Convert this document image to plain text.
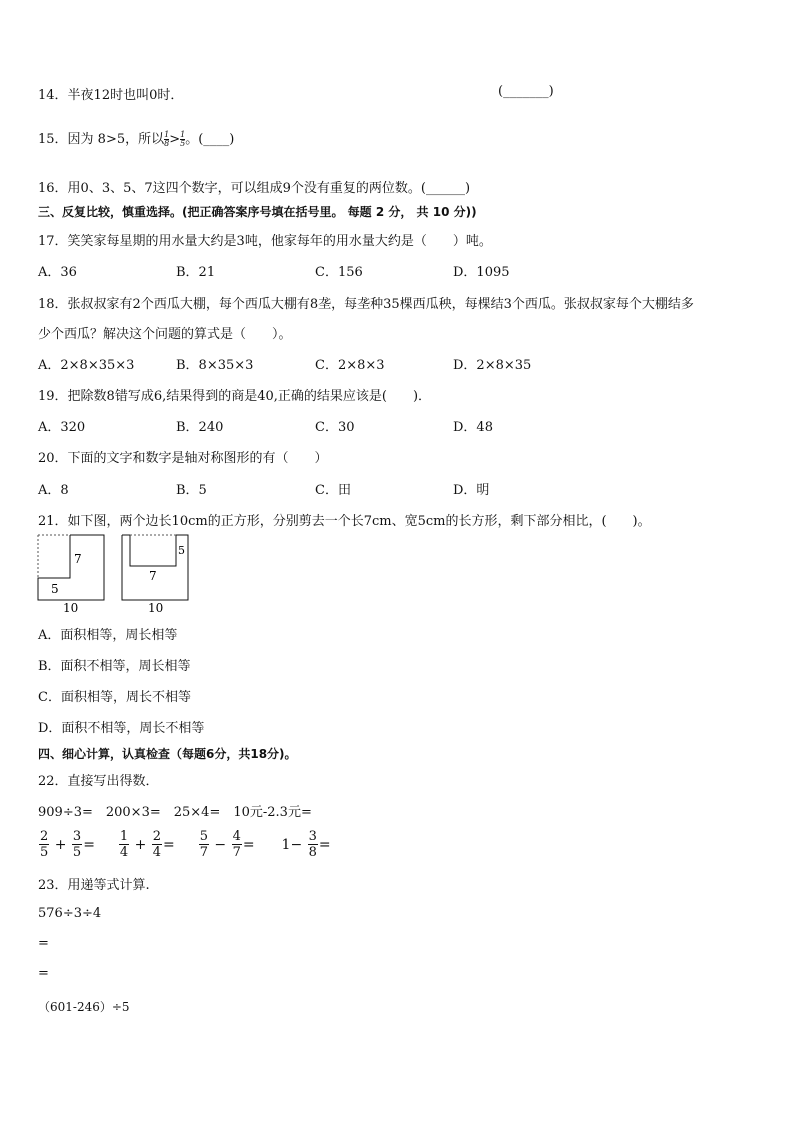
14．半夜12时也叫0时．	(_______)
15．因为 8>5，所以 $\frac{1}{8} > \frac{1}{5}$ 。(____)
16．用0、3、5、7这四个数字，可以组成9个没有重复的两位数。(______)
三、反复比较，慎重选择。(把正确答案序号填在括号里。 每题 2 分， 共 10 分))
17．笑笑家每星期的用水量大约是3吨，他家每年的用水量大约是（　　）吨。
A．36	B．21	C．156	D．1095
18．张叔叔家有2个西瓜大棚，每个西瓜大棚有8垄，每垄种35棵西瓜秧，每棵结3个西瓜。张叔叔家每个大棚结多
少个西瓜？解决这个问题的算式是（　　）。
A．2×8×35×3	B．8×35×3	C．2×8×3	D．2×8×35
19．把除数8错写成6,结果得到的商是40,正确的结果应该是(　　)．
A．320	B．240	C．30	D．48
20．下面的文字和数字是轴对称图形的有（　　）
A．8	B．5	C．田	D．明
21．如下图，两个边长10cm的正方形，分别剪去一个长7cm、宽5cm的长方形，剩下部分相比，(　　)。
7
5
10
5
7
10
A．面积相等，周长相等
B．面积不相等，周长相等
C．面积相等，周长不相等
D．面积不相等，周长不相等
四、细心计算，认真检查（每题6分，共18分)。
22．直接写出得数．
909÷3=　200×3=　25×4=　10元-2.3元=
$\frac{2}{5} + \frac{3}{5} = \frac{1}{4} + \frac{2}{4} = \frac{5}{7} - \frac{4}{7} = 1- \frac{3}{8}$ =
23．用递等式计算.
576÷3÷4
=
=
（601-246）÷5
